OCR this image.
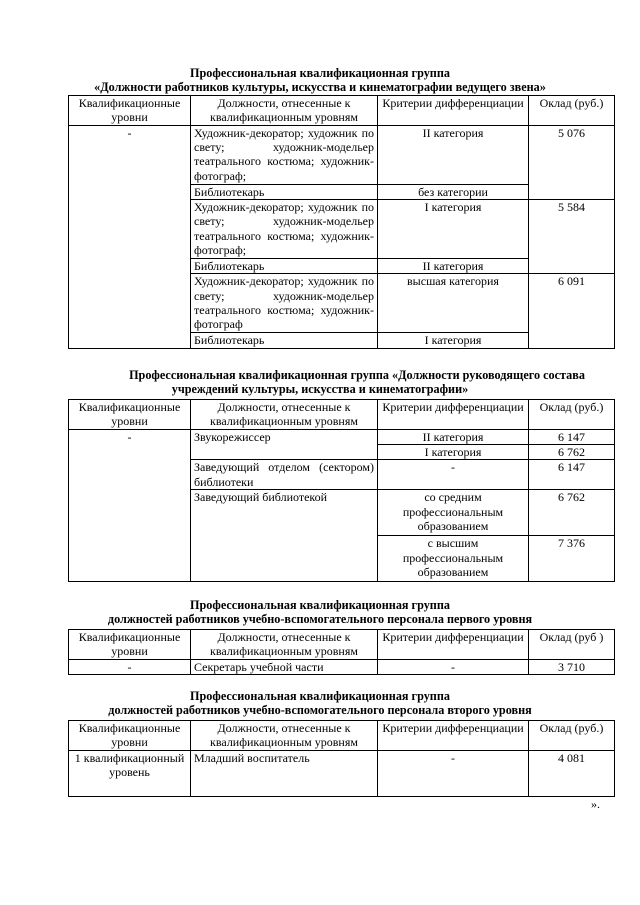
Профессиональная квалификационная группа
«Должности работников культуры, искусства и кинематографии ведущего звена»
Квалификационные уровни	Должности, отнесенные к квалификационным уровням	Критерии дифференциации	Оклад (руб.)
-	Художник-декоратор; художник по свету; художник-модельер театрального костюма; художник-фотограф;	II категория	5 076
	Библиотекарь	без категории	
	Художник-декоратор; художник по свету; художник-модельер театрального костюма; художник-фотограф;	I категория	5 584
	Библиотекарь	II категория	
	Художник-декоратор; художник по свету; художник-модельер театрального костюма; художник-фотограф	высшая категория	6 091
	Библиотекарь	I категория	
Профессиональная квалификационная группа «Должности руководящего состава
учреждений культуры, искусства и кинематографии»
Квалификационные уровни	Должности, отнесенные к квалификационным уровням	Критерии дифференциации	Оклад (руб.)
-	Звукорежиссер	II категория	6 147
		I категория	6 762
	Заведующий отделом (сектором) библиотеки	-	6 147
	Заведующий библиотекой	со средним профессиональным образованием	6 762
		с высшим профессиональным образованием	7 376
Профессиональная квалификационная группа
должностей работников учебно-вспомогательного персонала первого уровня
Квалификационные уровни	Должности, отнесенные к квалификационным уровням	Критерии дифференциации	Оклад (руб )
-	Секретарь учебной части	-	3 710
Профессиональная квалификационная группа
должностей работников учебно-вспомогательного персонала второго уровня
Квалификационные уровни	Должности, отнесенные к квалификационным уровням	Критерии дифференциации	Оклад (руб.)
1 квалификационный уровень	Младший воспитатель	-	4 081
».
